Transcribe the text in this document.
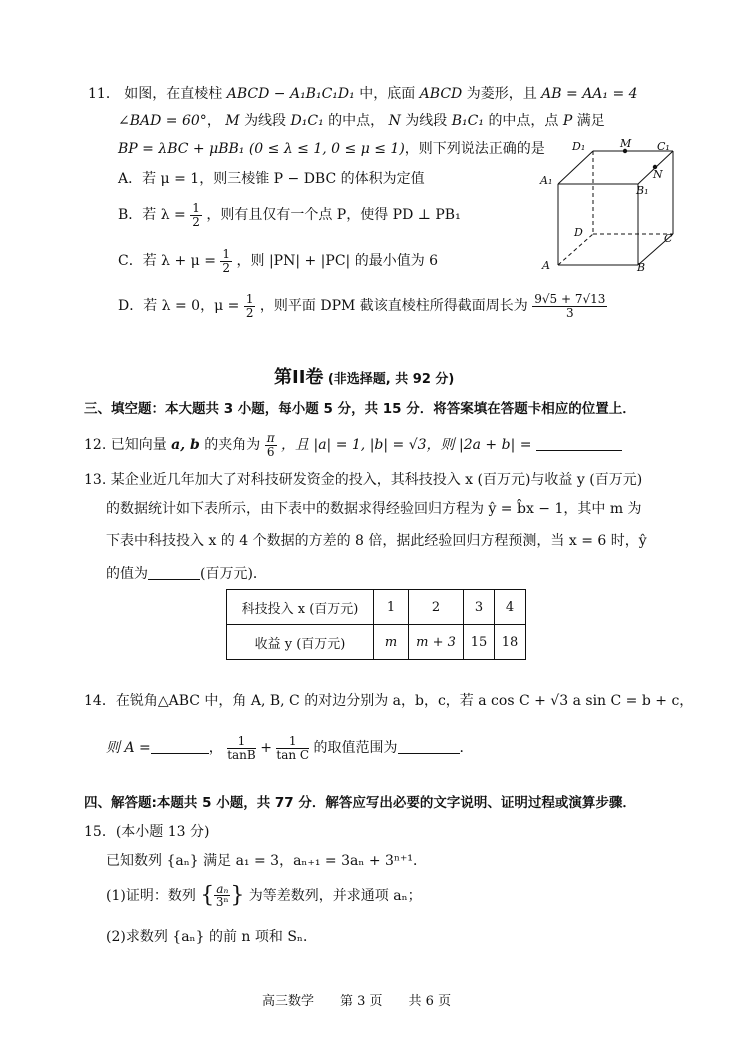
11． 如图，在直棱柱 ABCD − A₁B₁C₁D₁ 中，底面 ABCD 为菱形，且 AB = AA₁ = 4
∠BAD = 60°， M 为线段 D₁C₁ 的中点， N 为线段 B₁C₁ 的中点，点 P 满足
BP = λBC + μBB₁ (0 ≤ λ ≤ 1, 0 ≤ μ ≤ 1)，则下列说法正确的是
A．若 μ = 1，则三棱锥 P − DBC 的体积为定值
B．若 $\lambda = \frac{1}{2}$ ，则有且仅有一个点 P，使得 PD ⊥ PB₁
C．若 $\lambda + \mu = \frac{1}{2}$ ，则 |PN| + |PC| 的最小值为 6
D．若 λ = 0，$\mu = \frac{1}{2}$ ，则平面 DPM 截该直棱柱所得截面周长为 $\frac{9√5 + 7√13}{3}$
D₁	M C₁
A₁
B₁
N
D	C
A	B
第II卷 (非选择题, 共 92 分)
三、填空题：本大题共 3 小题，每小题 5 分，共 15 分．将答案填在答题卡相应的位置上．
12. 已知向量 a, b 的夹角为 $\frac{\pi}{6}$ ，且 |a| = 1, |b| = √3，则 |2a + b| =
13. 某企业近几年加大了对科技研发资金的投入，其科技投入 x (百万元)与收益 y (百万元)
的数据统计如下表所示，由下表中的数据求得经验回归方程为 ŷ = b̂x − 1，其中 m 为
下表中科技投入 x 的 4 个数据的方差的 8 倍，据此经验回归方程预测，当 x = 6 时，ŷ
的值为	(百万元)．
科技投入 x (百万元)	1	2	3	4
收益 y (百万元)	m	m + 3	15	18
14．在锐角△ABC 中，角 A, B, C 的对边分别为 a，b，c，若 a cos C + √3 a sin C = b + c，
则 A =	， $\frac{1}{\tan B} + \frac{1}{\text{tan C}}$ 的取值范围为	．
四、解答题:本题共 5 小题，共 77 分．解答应写出必要的文字说明、证明过程或演算步骤．
15．(本小题 13 分)
已知数列 {aₙ} 满足 a₁ = 3，aₙ₊₁ = 3aₙ + 3ⁿ⁺¹．
(1)证明：数列 { $\frac{\text{aₙ}}{\text{3ⁿ}}$ } 为等差数列，并求通项 aₙ；
(2)求数列 {aₙ} 的前 n 项和 Sₙ．
高三数学　　第 3 页　　共 6 页
